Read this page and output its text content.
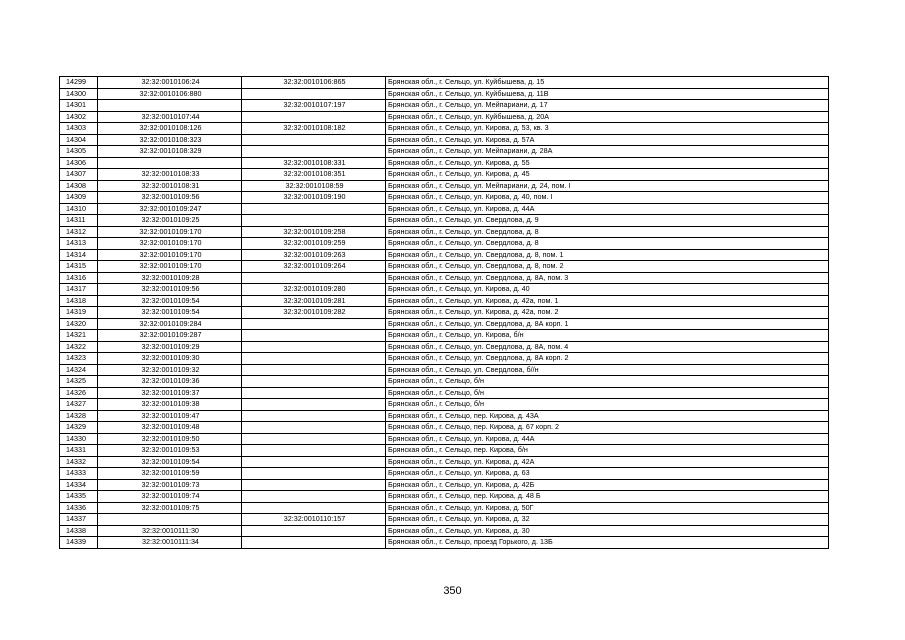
14299	32:32:0010106:24	32:32:0010106:865	Брянская обл., г. Сельцо, ул. Куйбышева, д. 15
14300	32:32:0010106:880		Брянская обл., г. Сельцо, ул. Куйбышева, д. 11В
14301		32:32:0010107:197	Брянская обл., г. Сельцо, ул. Мейпариани, д. 17
14302	32:32:0010107:44		Брянская обл., г. Сельцо, ул. Куйбышева, д. 20А
14303	32:32:0010108:126	32:32:0010108:182	Брянская обл., г. Сельцо, ул. Кирова, д. 53, кв. 3
14304	32:32:0010108:323		Брянская обл., г. Сельцо, ул. Кирова, д. 57А
14305	32:32:0010108:329		Брянская обл., г. Сельцо, ул. Мейпариани, д. 28А
14306		32:32:0010108:331	Брянская обл., г. Сельцо, ул. Кирова, д. 55
14307	32:32:0010108:33	32:32:0010108:351	Брянская обл., г. Сельцо, ул. Кирова, д. 45
14308	32:32:0010108:31	32:32:0010108:59	Брянская обл., г. Сельцо, ул. Мейпариани, д. 24, пом. I
14309	32:32:0010109:56	32:32:0010109:190	Брянская обл., г. Сельцо, ул. Кирова, д. 40, пом. I
14310	32:32:0010109:247		Брянская обл., г. Сельцо, ул. Кирова, д. 44А
14311	32:32:0010109:25		Брянская обл., г. Сельцо, ул. Свердлова, д. 9
14312	32:32:0010109:170	32:32:0010109:258	Брянская обл., г. Сельцо, ул. Свердлова, д. 8
14313	32:32:0010109:170	32:32:0010109:259	Брянская обл., г. Сельцо, ул. Свердлова, д. 8
14314	32:32:0010109:170	32:32:0010109:263	Брянская обл., г. Сельцо, ул. Свердлова, д. 8, пом. 1
14315	32:32:0010109:170	32:32:0010109:264	Брянская обл., г. Сельцо, ул. Свердлова, д. 8, пом. 2
14316	32:32:0010109:28		Брянская обл., г. Сельцо, ул. Свердлова, д. 8А, пом. 3
14317	32:32:0010109:56	32:32:0010109:280	Брянская обл., г. Сельцо, ул. Кирова, д. 40
14318	32:32:0010109:54	32:32:0010109:281	Брянская обл., г. Сельцо, ул. Кирова, д. 42а, пом. 1
14319	32:32:0010109:54	32:32:0010109:282	Брянская обл., г. Сельцо, ул. Кирова, д. 42а, пом. 2
14320	32:32:0010109:284		Брянская обл., г. Сельцо, ул. Свердлова, д. 8А корп. 1
14321	32:32:0010109:287		Брянская обл., г. Сельцо, ул. Кирова, б/н
14322	32:32:0010109:29		Брянская обл., г. Сельцо, ул. Свердлова, д. 8А, пом. 4
14323	32:32:0010109:30		Брянская обл., г. Сельцо, ул. Свердлова, д. 8А корп. 2
14324	32:32:0010109:32		Брянская обл., г. Сельцо, ул. Свердлова, б//н
14325	32:32:0010109:36		Брянская обл., г. Сельцо, б/н
14326	32:32:0010109:37		Брянская обл., г. Сельцо, б/н
14327	32:32:0010109:38		Брянская обл., г. Сельцо, б/н
14328	32:32:0010109:47		Брянская обл., г. Сельцо, пер. Кирова, д. 43А
14329	32:32:0010109:48		Брянская обл., г. Сельцо, пер. Кирова, д. 67 корп. 2
14330	32:32:0010109:50		Брянская обл., г. Сельцо, ул. Кирова, д. 44А
14331	32:32:0010109:53		Брянская обл., г. Сельцо, пер. Кирова, б/н
14332	32:32:0010109:54		Брянская обл., г. Сельцо, ул. Кирова, д. 42А
14333	32:32:0010109:59		Брянская обл., г. Сельцо, ул. Кирова, д. 63
14334	32:32:0010109:73		Брянская обл., г. Сельцо, ул. Кирова, д. 42Б
14335	32:32:0010109:74		Брянская обл., г. Сельцо, пер. Кирова, д. 48 Б
14336	32:32:0010109:75		Брянская обл., г. Сельцо, ул. Кирова, д. 50Г
14337		32:32:0010110:157	Брянская обл., г. Сельцо, ул. Кирова, д. 32
14338	32:32:0010111:30		Брянская обл., г. Сельцо, ул. Кирова, д. 30
14339	32:32:0010111:34		Брянская обл., г. Сельцо, проезд Горького, д. 13Б
350
